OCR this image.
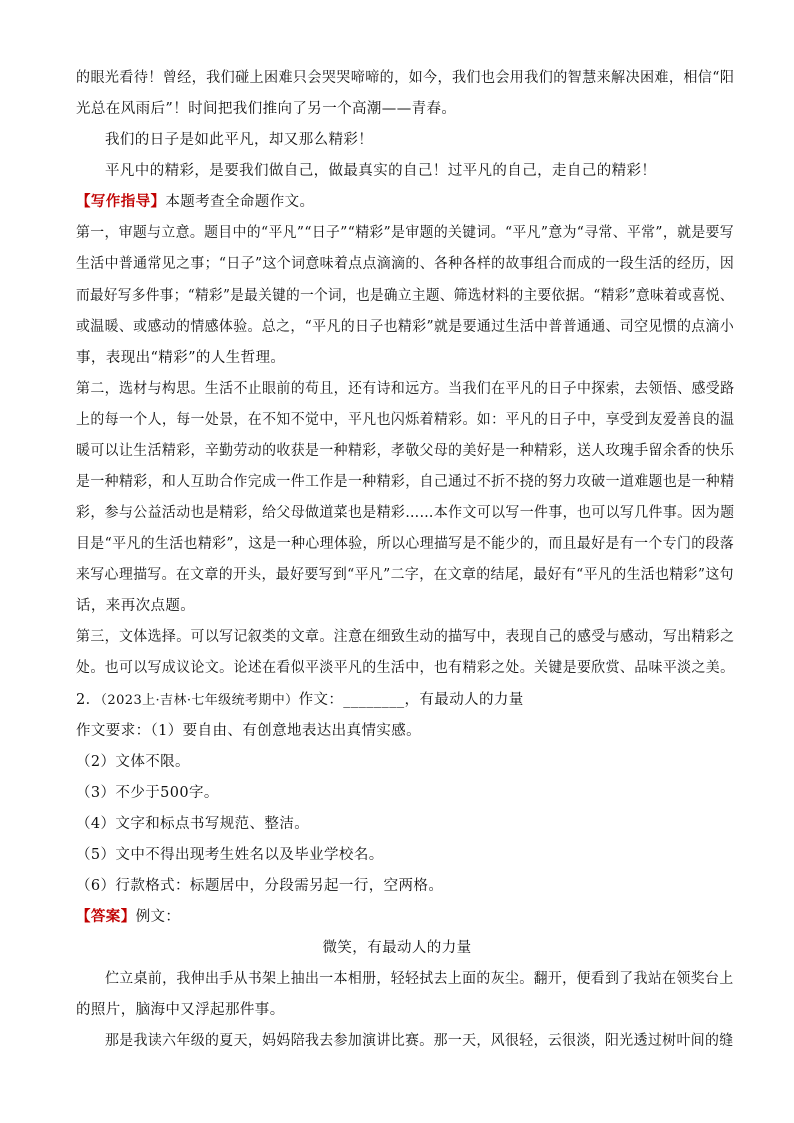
的眼光看待！曾经，我们碰上困难只会哭哭啼啼的，如今，我们也会用我们的智慧来解决困难，相信“阳
光总在风雨后”！时间把我们推向了另一个高潮——青春。
我们的日子是如此平凡，却又那么精彩！
平凡中的精彩，是要我们做自己，做最真实的自己！过平凡的自己，走自己的精彩！
【写作指导】本题考查全命题作文。
第一，审题与立意。题目中的“平凡”“日子”“精彩”是审题的关键词。“平凡”意为“寻常、平常”，就是要写
生活中普通常见之事；“日子”这个词意味着点点滴滴的、各种各样的故事组合而成的一段生活的经历，因
而最好写多件事；“精彩”是最关键的一个词，也是确立主题、筛选材料的主要依据。“精彩”意味着或喜悦、
或温暖、或感动的情感体验。总之，“平凡的日子也精彩”就是要通过生活中普普通通、司空见惯的点滴小
事，表现出“精彩”的人生哲理。
第二，选材与构思。生活不止眼前的苟且，还有诗和远方。当我们在平凡的日子中探索，去领悟、感受路
上的每一个人，每一处景，在不知不觉中，平凡也闪烁着精彩。如：平凡的日子中，享受到友爱善良的温
暖可以让生活精彩，辛勤劳动的收获是一种精彩，孝敬父母的美好是一种精彩，送人玫瑰手留余香的快乐
是一种精彩，和人互助合作完成一件工作是一种精彩，自己通过不折不挠的努力攻破一道难题也是一种精
彩，参与公益活动也是精彩，给父母做道菜也是精彩……本作文可以写一件事，也可以写几件事。因为题
目是“平凡的生活也精彩”，这是一种心理体验，所以心理描写是不能少的，而且最好是有一个专门的段落
来写心理描写。在文章的开头，最好要写到“平凡”二字，在文章的结尾，最好有“平凡的生活也精彩”这句
话，来再次点题。
第三，文体选择。可以写记叙类的文章。注意在细致生动的描写中，表现自己的感受与感动，写出精彩之
处。也可以写成议论文。论述在看似平淡平凡的生活中，也有精彩之处。关键是要欣赏、品味平淡之美。
2．（2023上·吉林·七年级统考期中）作文：________，有最动人的力量
作文要求：（1）要自由、有创意地表达出真情实感。
（2）文体不限。
（3）不少于500字。
（4）文字和标点书写规范、整洁。
（5）文中不得出现考生姓名以及毕业学校名。
（6）行款格式：标题居中，分段需另起一行，空两格。
【答案】例文：
微笑，有最动人的力量
伫立桌前，我伸出手从书架上抽出一本相册，轻轻拭去上面的灰尘。翻开，便看到了我站在领奖台上
的照片，脑海中又浮起那件事。
那是我读六年级的夏天，妈妈陪我去参加演讲比赛。那一天，风很轻，云很淡，阳光透过树叶间的缝
